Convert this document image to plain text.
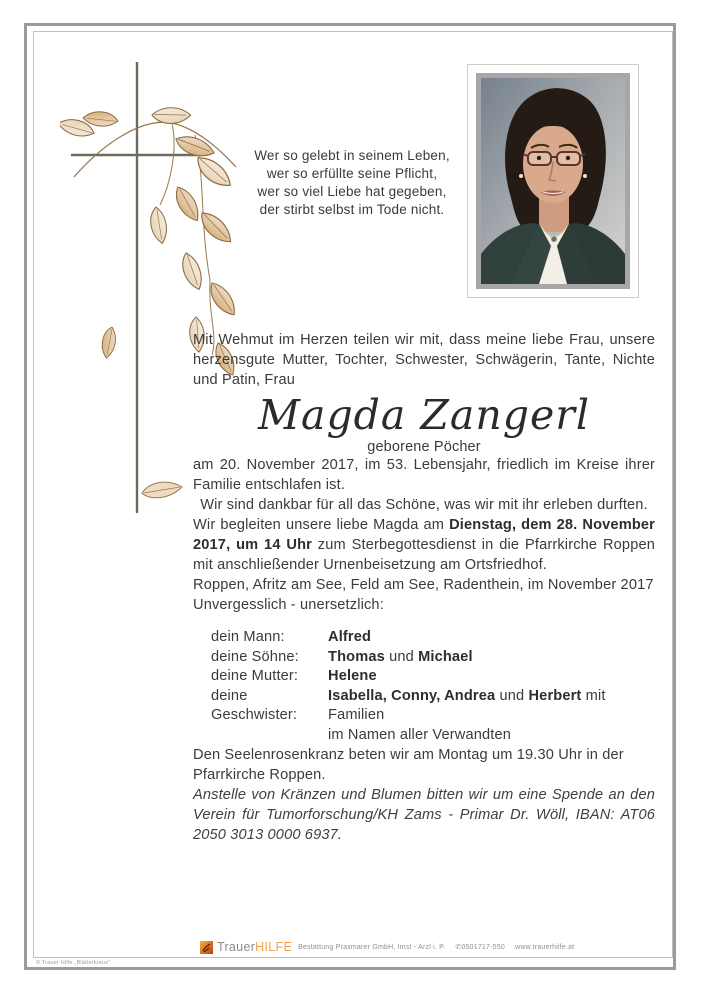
Wer so gelebt in seinem Leben,
wer so erfüllte seine Pflicht,
wer so viel Liebe hat gegeben,
der stirbt selbst im Tode nicht.

Mit Wehmut im Herzen teilen wir mit, dass meine liebe Frau, unsere herzensgute Mutter, Tochter, Schwester, Schwägerin, Tante, Nichte und Patin, Frau

Magda Zangerl
geborene Pöcher

am 20. November 2017, im 53. Lebensjahr, friedlich im Kreise ihrer Familie entschlafen ist.

Wir sind dankbar für all das Schöne, was wir mit ihr erleben durften.

Wir begleiten unsere liebe Magda am Dienstag, dem 28. November 2017, um 14 Uhr zum Sterbegottesdienst in die Pfarrkirche Roppen mit anschließender Urnenbeisetzung am Ortsfriedhof.

Roppen, Afritz am See, Feld am See, Radenthein, im November 2017

Unvergesslich - unersetzlich:

dein Mann:	Alfred
deine Söhne:	Thomas und Michael
deine Mutter:	Helene
deine Geschwister:
Isabella, Conny, Andrea und Herbert mit Familien
im Namen aller Verwandten

Den Seelenrosenkranz beten wir am Montag um 19.30 Uhr in der Pfarrkirche Roppen.

Anstelle von Kränzen und Blumen bitten wir um eine Spende an den Verein für Tumorforschung/KH Zams - Primar Dr. Wöll, IBAN: AT06 2050 3013 0000 6937.

TrauerHILFE Bestattung Praxmarer GmbH, Imst - Arzl i. P. ✆0501717-550 www.trauerhilfe.at
© Trauer Hilfe „Blätterkreuz“
